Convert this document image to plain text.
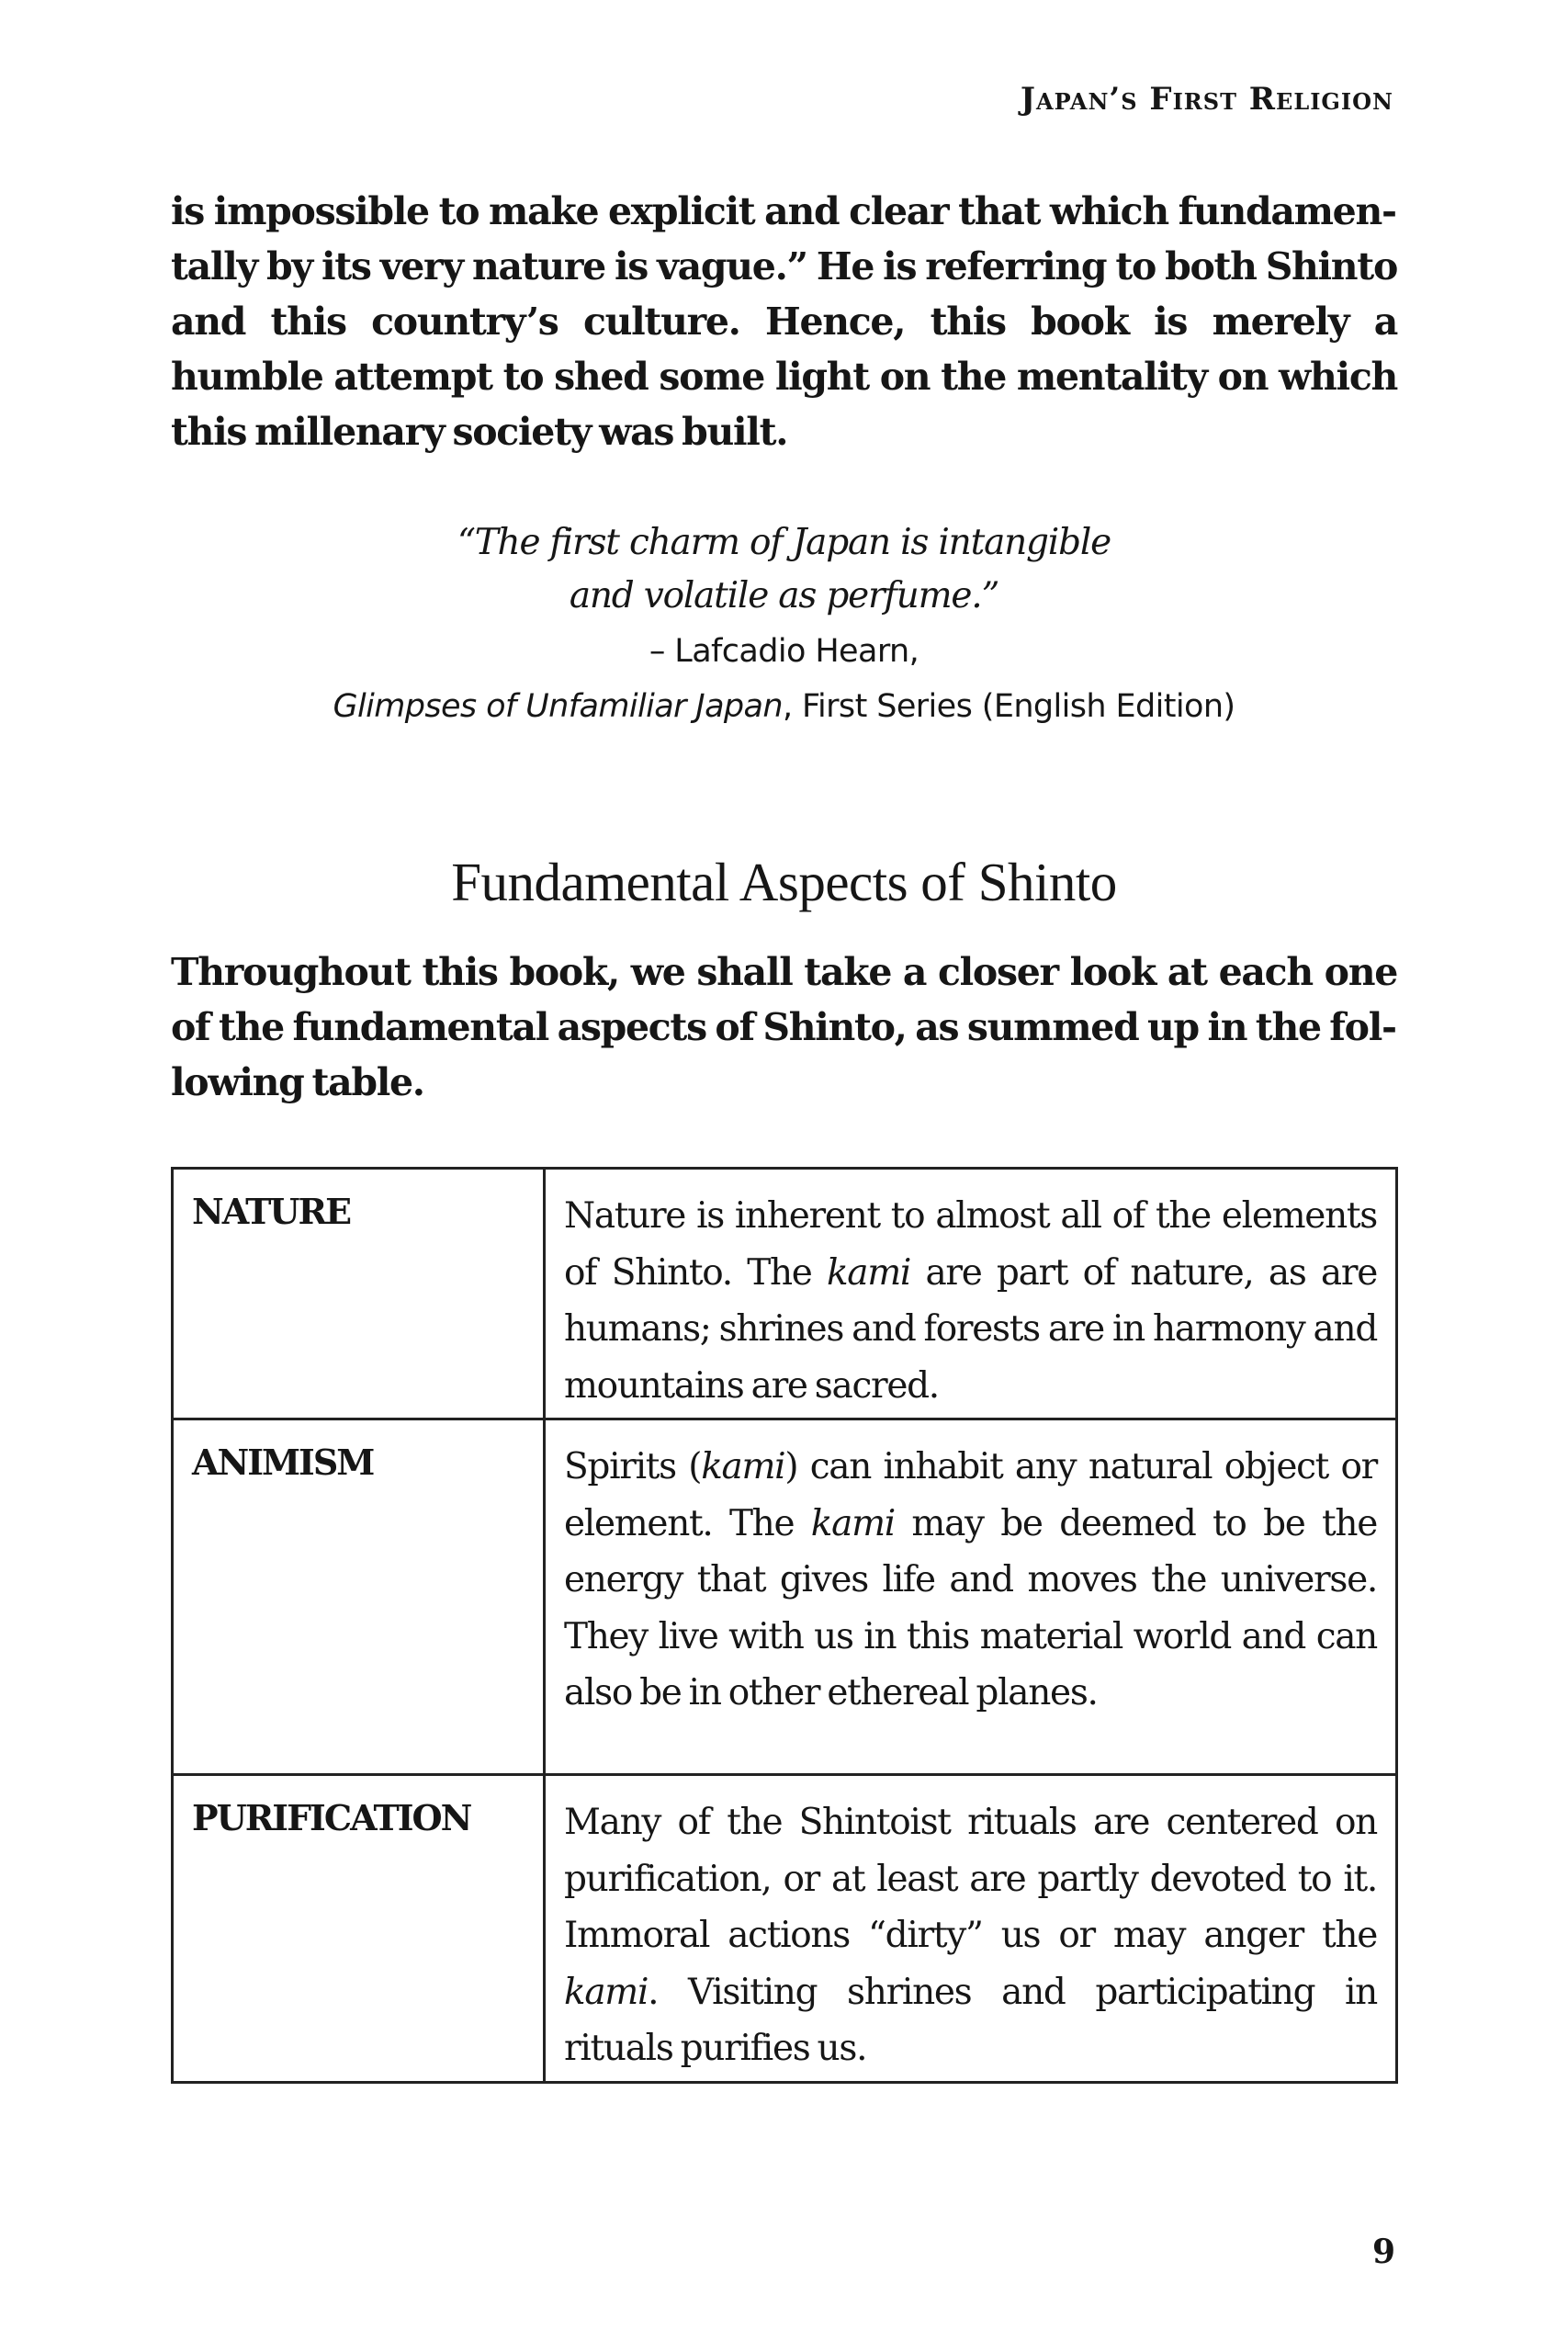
Japan’s First Religion

is impossible to make explicit and clear that which fundamentally by its very nature is vague.” He is referring to both Shinto and this country’s culture. Hence, this book is merely a humble attempt to shed some light on the mentality on which this millenary society was built.

“The first charm of Japan is intangible
and volatile as perfume.”
– Lafcadio Hearn,
Glimpses of Unfamiliar Japan, First Series (English Edition)
Fundamental Aspects of Shinto

Throughout this book, we shall take a closer look at each one of the fundamental aspects of Shinto, as summed up in the following table.

NATURE	Nature is inherent to almost all of the elements of Shinto. The kami are part of nature, as are humans; shrines and forests are in harmony and mountains are sacred.
ANIMISM	Spirits (kami) can inhabit any natural object or element. The kami may be deemed to be the energy that gives life and moves the universe. They live with us in this material world and can also be in other ethereal planes.
PURIFICATION	Many of the Shintoist rituals are centered on purification, or at least are partly devoted to it. Immoral actions “dirty” us or may anger the kami. Visiting shrines and participating in rituals purifies us.
9
